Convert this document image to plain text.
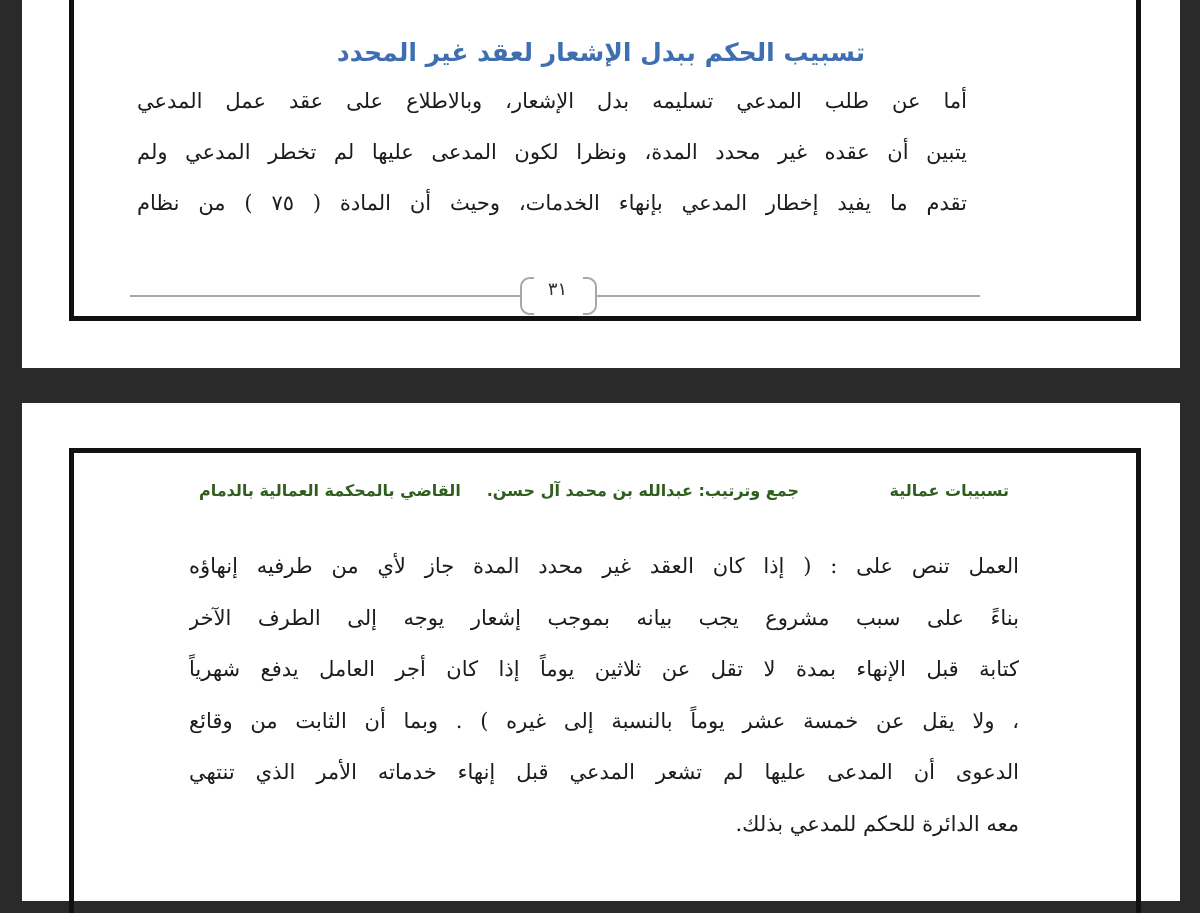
تسبيب الحكم ببدل الإشعار لعقد غير المحدد
أما عن طلب المدعي تسليمه بدل الإشعار، وبالاطلاع على عقد عمل المدعي
يتبين أن عقده غير محدد المدة، ونظرا لكون المدعى عليها لم تخطر المدعي ولم
تقدم ما يفيد إخطار المدعي بإنهاء الخدمات، وحيث أن المادة ( ٧٥ ) من نظام
٣١
تسبيبات عمالية
جمع وترتيب: عبدالله بن محمد آل حسن.
القاضي بالمحكمة العمالية بالدمام
العمل تنص على : ( إذا كان العقد غير محدد المدة جاز لأي من طرفيه إنهاؤه
بناءً على سبب مشروع يجب بيانه بموجب إشعار يوجه إلى الطرف الآخر
كتابة قبل الإنهاء بمدة لا تقل عن ثلاثين يوماً إذا كان أجر العامل يدفع شهرياً
، ولا يقل عن خمسة عشر يوماً بالنسبة إلى غيره ) . وبما أن الثابت من وقائع
الدعوى أن المدعى عليها لم تشعر المدعي قبل إنهاء خدماته الأمر الذي تنتهي
معه الدائرة للحكم للمدعي بذلك.
